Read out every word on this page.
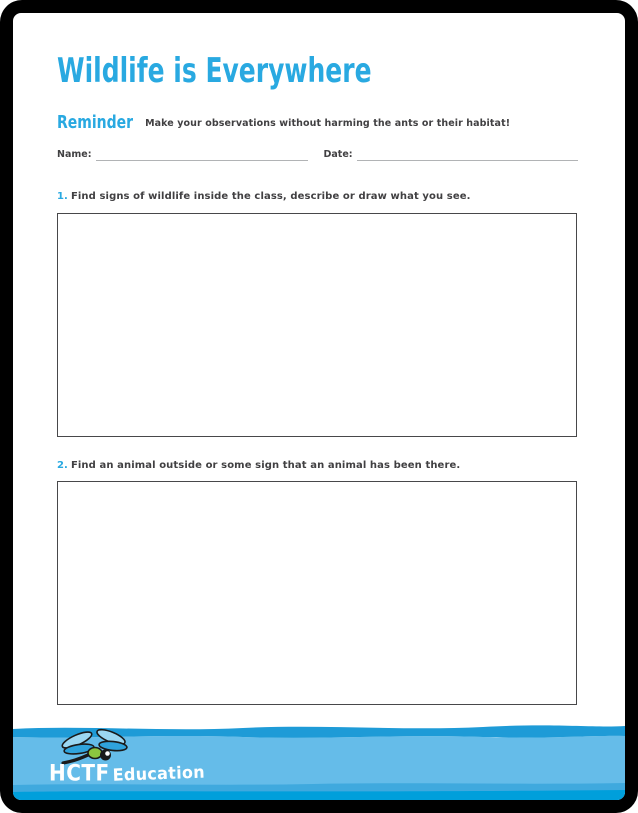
Wildlife is Everywhere
Reminder Make your observations without harming the ants or their habitat!
Name:	Date:
1. Find signs of wildlife inside the class, describe or draw what you see.
2. Find an animal outside or some sign that an animal has been there.
HCTF Education
